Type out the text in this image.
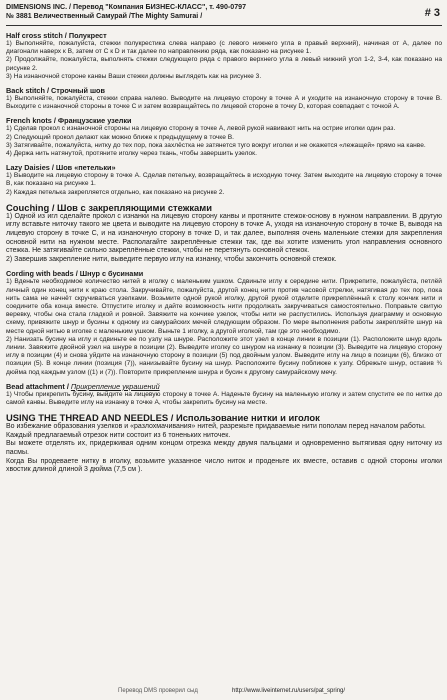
DIMENSIONS INC. / Перевод "Компания БИЗНЕС-КЛАСС", т. 490-0797
№ 3881 Величественный Самурай /The Mighty Samurai /	# 3
Half cross stitch / Полукрест

1) Выполняйте, пожалуйста, стежки полукрестика слева направо (с левого нижнего угла в правый верхний), начиная от А, далее по диагонали наверх к В, затем от С к D и так далее по направлению ряда, как показано на рисунке 1.

2) Продолжайте, пожалуйста, выполнять стежки следующего ряда с правого верхнего угла в левый нижний угол 1-2, 3-4, как показано на рисунке 2.

3) На изнаночной стороне канвы Ваши стежки должны выглядеть как на рисунке 3.

Back stitch / Строчный шов

1) Выполняйте, пожалуйста, стежки справа налево. Выводите на лицевую сторону в точке А и уходите на изнаночную сторону в точке В. Выходите с изнаночной стороны в точке С и затем возвращайтесь по лицевой стороне в точку D, которая совпадает с точкой А.

French knots / Французские узелки

1) Сделав прокол с изнаночной стороны на лицевую сторону в точке А, левой рукой навивают нить на острие иголки один раз.

2) Следующий прокол делают как можно ближе к предыдущему в точке В.

3) Затягивайте, пожалуйста, нитку до тех пор, пока захлёстка не затянется туго вокруг иголки и не окажется «лежащей» прямо на канве.

4) Держа нить натянутой, протяните иголку через ткань, чтобы завершить узелок.

Lazy Daisies / Шов «петельки»

1) Выводите на лицевую сторону в точке А. Сделав петельку, возвращайтесь в исходную точку. Затем выходите на лицевую сторону в точке В, как показано на рисунке 1.

2) Каждая петелька закрепляется отдельно, как показано на рисунке 2.

Couching / Шов с закрепляющими стежками

1) Одной из игл сделайте прокол с изнанки на лицевую сторону канвы и протяните стежок-основу в нужном направлении. В другую иглу вставьте ниточку такого же цвета и выводите на лицевую сторону в точке А, уходя на изнаночную сторону в точке В, выводя на лицевую сторону в точке С, и на изнаночную сторону в точке D, и так далее, выполняя очень маленькие стежки для закрепления основной нити на нужном месте. Располагайте закреплённые стежки так, где вы хотите изменить угол направления основного стежка. Не затягивайте сильно закреплённые стежки, чтобы не перетянуть основной стежок.

2) Завершив закрепление нити, выведите первую иглу на изнанку, чтобы закончить основной стежок.

Cording with beads / Шнур с бусинами

1) Вденьте необходимое количество нитей в иголку с маленьким ушком. Сдвиньте иглу к середине нити. Прикрепите, пожалуйста, петлёй личный один конец нити к краю стола. Закручивайте, пожалуйста, другой конец нити против часовой стрелки, натягивая до тех пор, пока нить сама не начнёт скручиваться узелками. Возьмите одной рукой иголку, другой рукой отделите прикреплённый к столу кончик нити и соедините оба конца вместе. Отпустите иголку и дайте возможность нити продолжать закручиваться самостоятельно. Поправьте свитую веревку, чтобы она стала гладкой и ровной. Завяжите на кончике узелок, чтобы нити не распустились. Используя диаграмму и основную схему, привяжите шнур и бусины к одному из самурайских мечей следующим образом. По мере выполнения работы закрепляйте шнур на месте одной нитью в иголке с маленьким ушком. Выньте 1 иголку, а другой иголкой, там где это необходимо.

2) Нанизать бусину на иглу и сдвиньте ее по узлу на шнуре. Расположите этот узел в конце линии в позиции (1). Расположите шнур вдоль линии. Завяжите двойной узел на шнуре в позиции (2). Выведите иголку со шнуром на изнанку в позиции (3). Выведите на лицевую сторону иглу в позиции (4) и снова уйдите на изнаночную сторону в позиции (5) под двойным узлом. Выведите иглу на лицо в позиции (6), близко от позиции (5). В конце линии (позиция (7)), нанизывайте бусину на шнур. Расположите бусину побликже к узлу. Обрежьте шнур, оставив ¾ дюйма под каждым узлом ((1) и (7)). Повторите прикрепление шнура и бусин к другому самурайскому мечу.

Bead attachment / Прикрепление украшений

1) Чтобы прикрепить бусину, выйдите на лицевую сторону в точке А. Наденьте бусину на маленькую иголку и затем спустите ее по нитке до самой канвы. Выведите иглу на изнанку в точке А, чтобы закрепить бусину на месте.

USING THE THREAD AND NEEDLES / Использование нитки и иголок

Во избежание образования узелков и «разлохмачивания» нитей, разрежьте придаваемые нити пополам перед началом работы.

Каждый предлагаемый отрезок нити состоит из 6 тоненьких ниточек.

Вы можете отделять их, придерживая одним концом отрезка между двумя пальцами и одновременно вытягивая одну ниточку из пасмы.

Когда Вы продеваете нитку в иголку, возьмите указанное число ниток и проденьте их вместе, оставив с одной стороны иголки хвостик длиной длиной 3 дюйма (7,5 см ).

Перевод DMS проверил сыд	http://www.liveinternet.ru/users/pat_spring/
